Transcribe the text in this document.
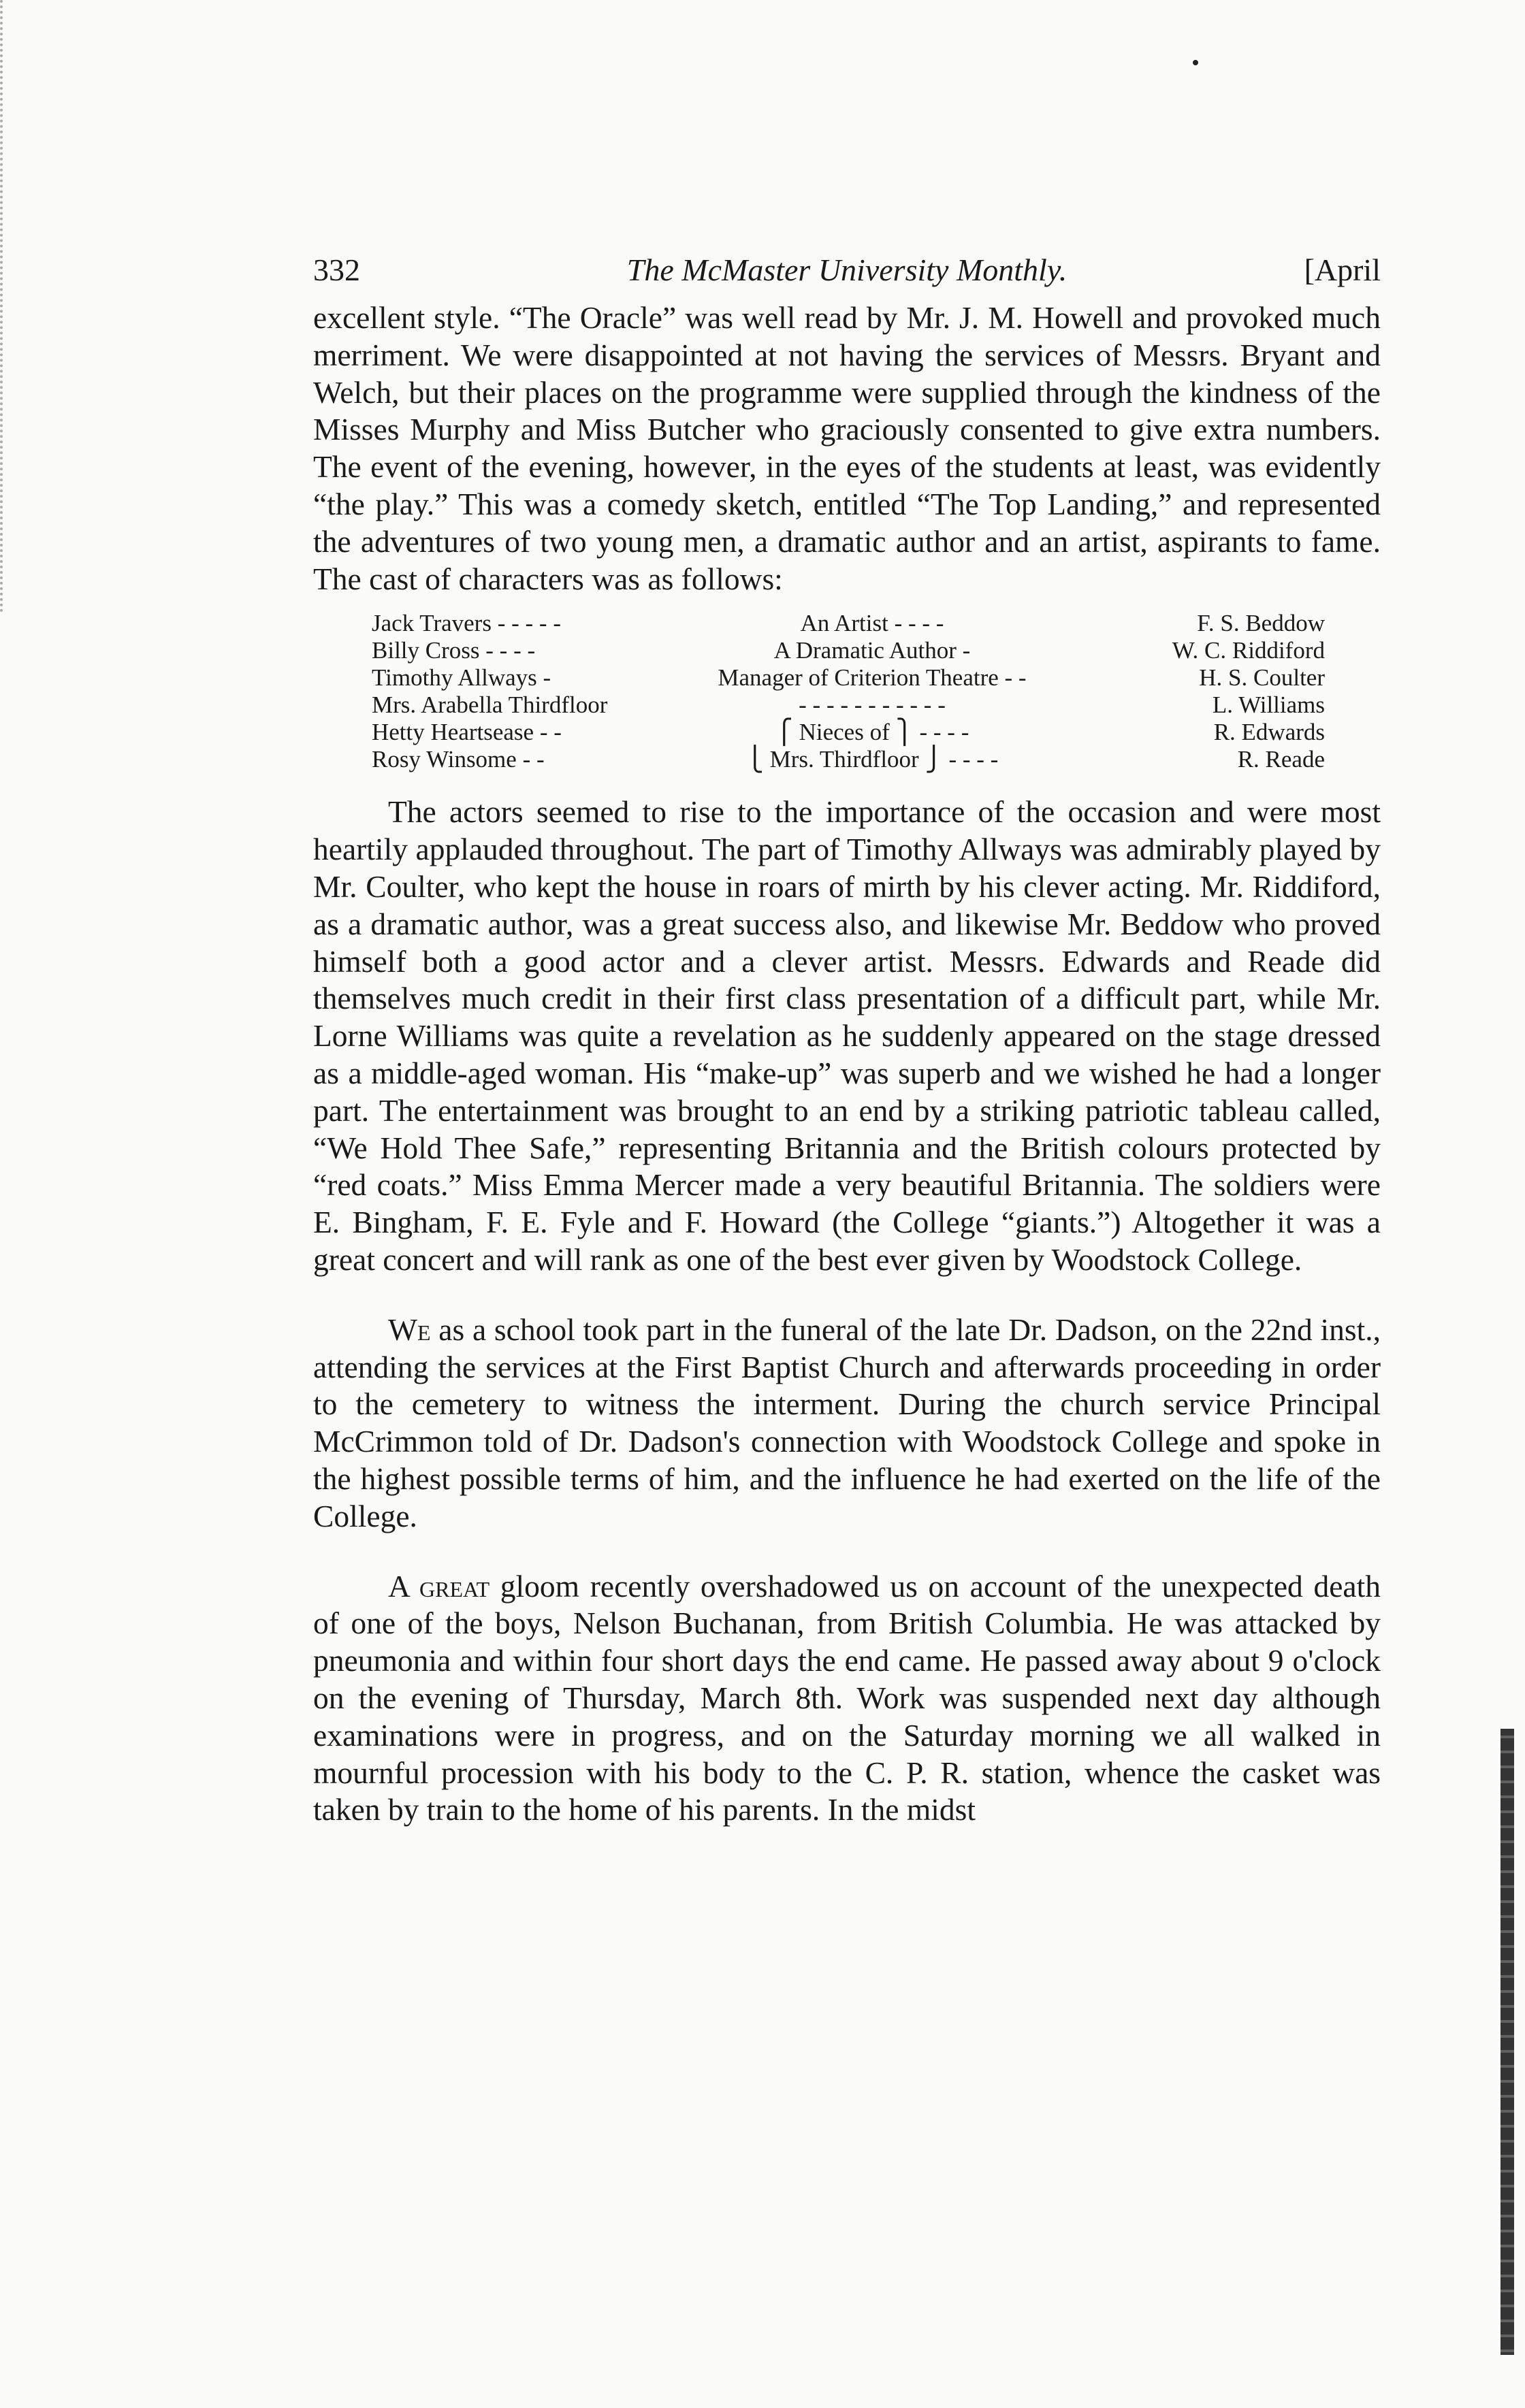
332	The McMaster University Monthly.	[April

excellent style. “The Oracle” was well read by Mr. J. M. Howell and provoked much merriment. We were disappointed at not having the services of Messrs. Bryant and Welch, but their places on the programme were supplied through the kindness of the Misses Murphy and Miss Butcher who graciously consented to give extra numbers. The event of the evening, however, in the eyes of the students at least, was evidently “the play.” This was a comedy sketch, entitled “The Top Landing,” and represented the adventures of two young men, a dramatic author and an artist, aspirants to fame. The cast of characters was as follows:

Jack Travers - - - - -	An Artist - - - -	F. S. Beddow
Billy Cross - - - -	A Dramatic Author -	W. C. Riddiford
Timothy Allways -	Manager of Criterion Theatre - -	H. S. Coulter
Mrs. Arabella Thirdfloor	- - - - - - - - - - -	L. Williams
Hetty Heartsease - -	⎧ Nieces of ⎫ - - - -	R. Edwards
Rosy Winsome - -	⎩ Mrs. Thirdfloor ⎭ - - - -	R. Reade

The actors seemed to rise to the importance of the occasion and were most heartily applauded throughout. The part of Timothy Allways was admirably played by Mr. Coulter, who kept the house in roars of mirth by his clever acting. Mr. Riddiford, as a dramatic author, was a great success also, and likewise Mr. Beddow who proved himself both a good actor and a clever artist. Messrs. Edwards and Reade did themselves much credit in their first class presentation of a difficult part, while Mr. Lorne Williams was quite a revelation as he suddenly appeared on the stage dressed as a middle-aged woman. His “make-up” was superb and we wished he had a longer part. The entertainment was brought to an end by a striking patriotic tableau called, “We Hold Thee Safe,” representing Britannia and the British colours protected by “red coats.” Miss Emma Mercer made a very beautiful Britannia. The soldiers were E. Bingham, F. E. Fyle and F. Howard (the College “giants.”) Altogether it was a great concert and will rank as one of the best ever given by Woodstock College.

We as a school took part in the funeral of the late Dr. Dadson, on the 22nd inst., attending the services at the First Baptist Church and afterwards proceeding in order to the cemetery to witness the interment. During the church service Principal McCrimmon told of Dr. Dadson's connection with Woodstock College and spoke in the highest possible terms of him, and the influence he had exerted on the life of the College.

A great gloom recently overshadowed us on account of the unexpected death of one of the boys, Nelson Buchanan, from British Columbia. He was attacked by pneumonia and within four short days the end came. He passed away about 9 o'clock on the evening of Thursday, March 8th. Work was suspended next day although examinations were in progress, and on the Saturday morning we all walked in mournful procession with his body to the C. P. R. station, whence the casket was taken by train to the home of his parents. In the midst
